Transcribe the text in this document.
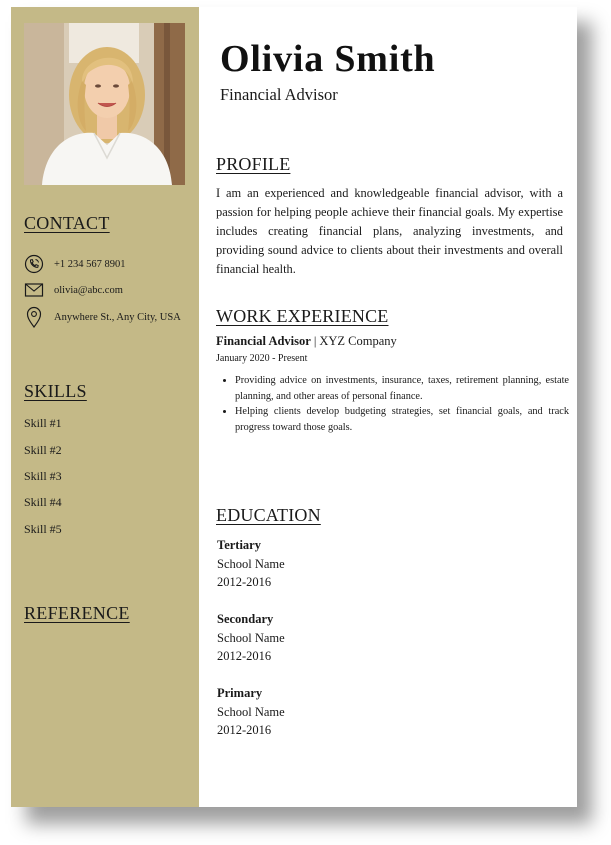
CONTACT
+1 234 567 8901
olivia@abc.com
Anywhere St., Any City, USA
SKILLS
Skill #1
Skill #2
Skill #3
Skill #4
Skill #5
REFERENCE
Olivia Smith
Financial Advisor
PROFILE

I am an experienced and knowledgeable financial advisor, with a passion for helping people achieve their financial goals. My expertise includes creating financial plans, analyzing investments, and providing sound advice to clients about their investments and overall financial health.

WORK EXPERIENCE
Financial Advisor | XYZ Company
January 2020 - Present
• Providing advice on investments, insurance, taxes, retirement planning, estate planning, and other areas of personal finance.
• Helping clients develop budgeting strategies, set financial goals, and track progress toward those goals.
EDUCATION
Tertiary
School Name
2012-2016
Secondary
School Name
2012-2016
Primary
School Name
2012-2016
